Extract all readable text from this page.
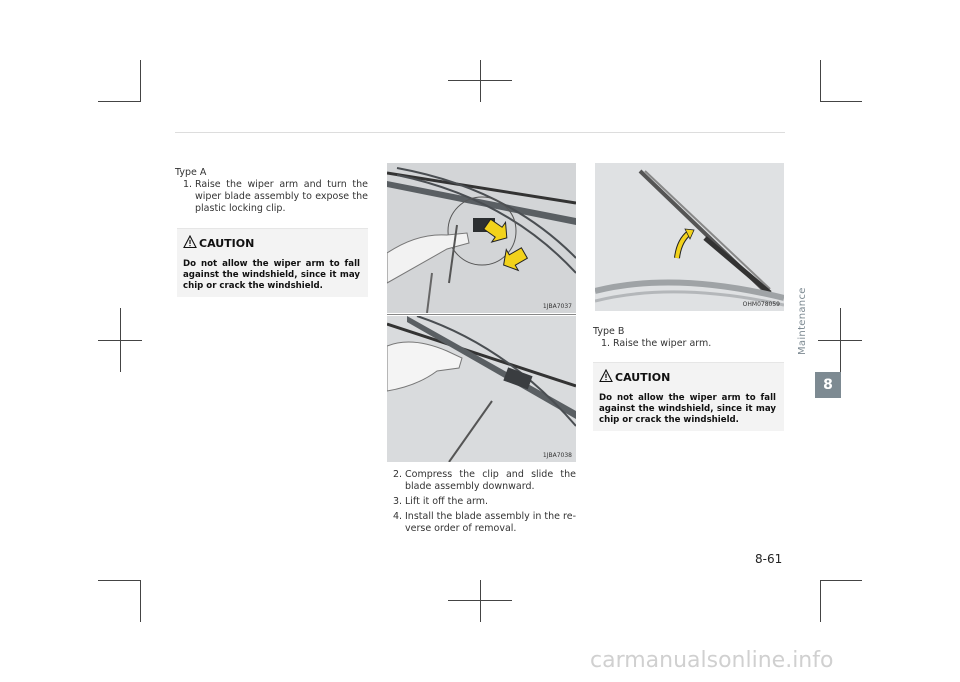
Type A
1. Raise the wiper arm and turn the wiper blade assembly to expose the plastic locking clip.
CAUTION
Do not allow the wiper arm to fall against the windshield, since it may chip or crack the windshield.
1JBA7037
1JBA7038
2. Compress the clip and slide the blade assembly downward.
3. Lift it off the arm.
4. Install the blade assembly in the re-verse order of removal.
OHM078059
Type B
1. Raise the wiper arm.
CAUTION
Do not allow the wiper arm to fall against the windshield, since it may chip or crack the windshield.
Maintenance
8
8-61
carmanualsonline.info
